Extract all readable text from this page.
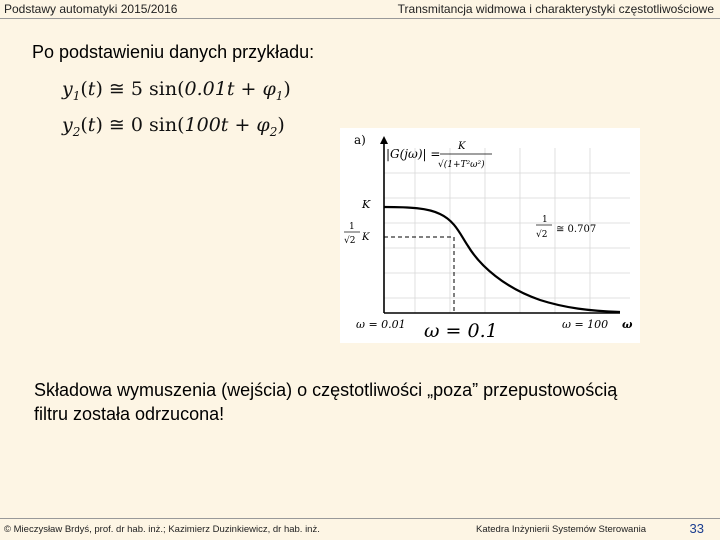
Podstawy automatyki 2015/2016	Transmitancja widmowa i charakterystyki częstotliwościowe
Po podstawieniu danych przykładu:
$y_1(t)$ ≅ 5 $\sin(0.01t + \varphi_1)$
$y_2(t)$ ≅ 0 $\sin(100t + \varphi_2)$
a)
|G(jω)| =
K
√(1+T²ω²)
K
1
√2 K
1
√2 ≅ 0.707
ω = 0.01 ω = 0.1	ω = 100 ω
Składowa wymuszenia (wejścia) o częstotliwości „poza” przepustowością filtru została odrzucona!
© Mieczysław Brdyś, prof. dr hab. inż.; Kazimierz Duzinkiewicz, dr hab. inż.	Katedra Inżynierii Systemów Sterowania	33
